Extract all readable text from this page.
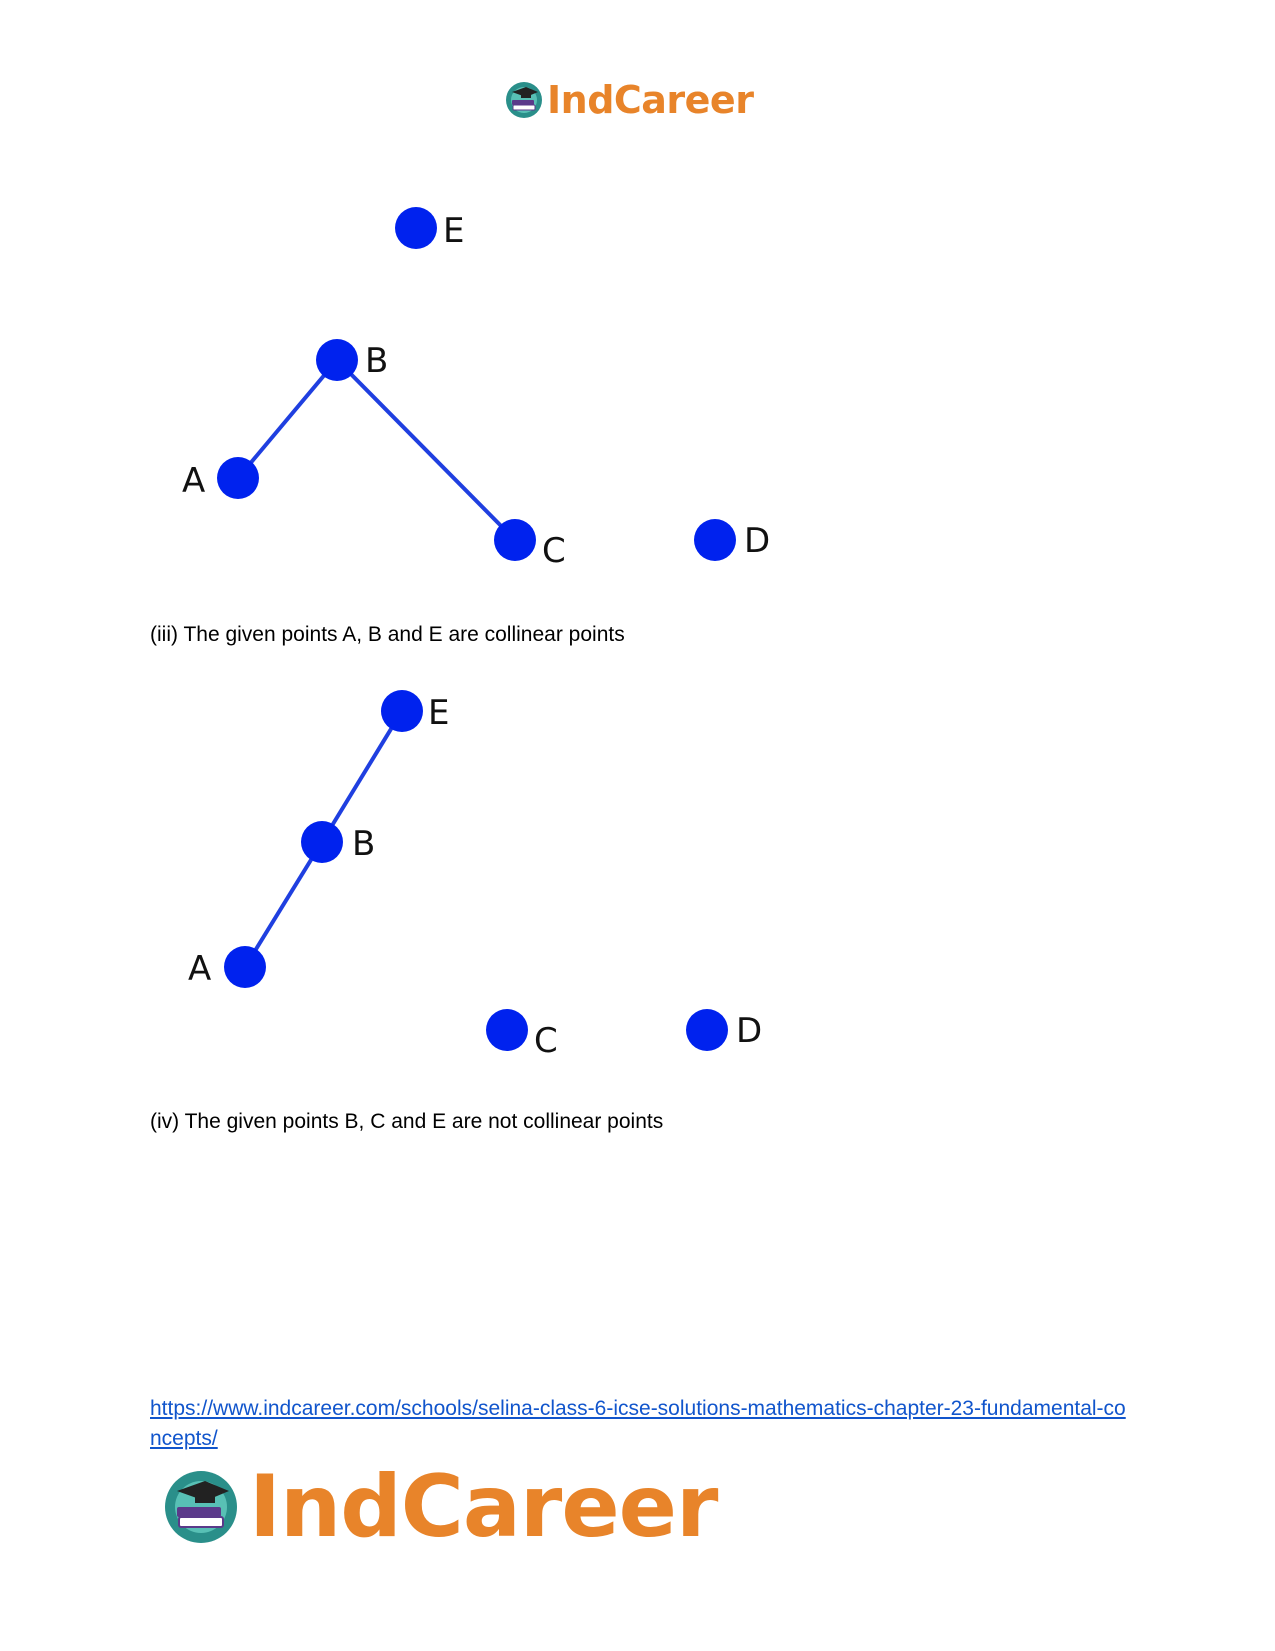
IndCareer
E
B
A
C	D
(iii) The given points A, B and E are collinear points
E
B
A
C	D
(iv) The given points B, C and E are not collinear points
https://www.indcareer.com/schools/selina-class-6-icse-solutions-mathematics-chapter-23-fundamental-concepts/
IndCareer
